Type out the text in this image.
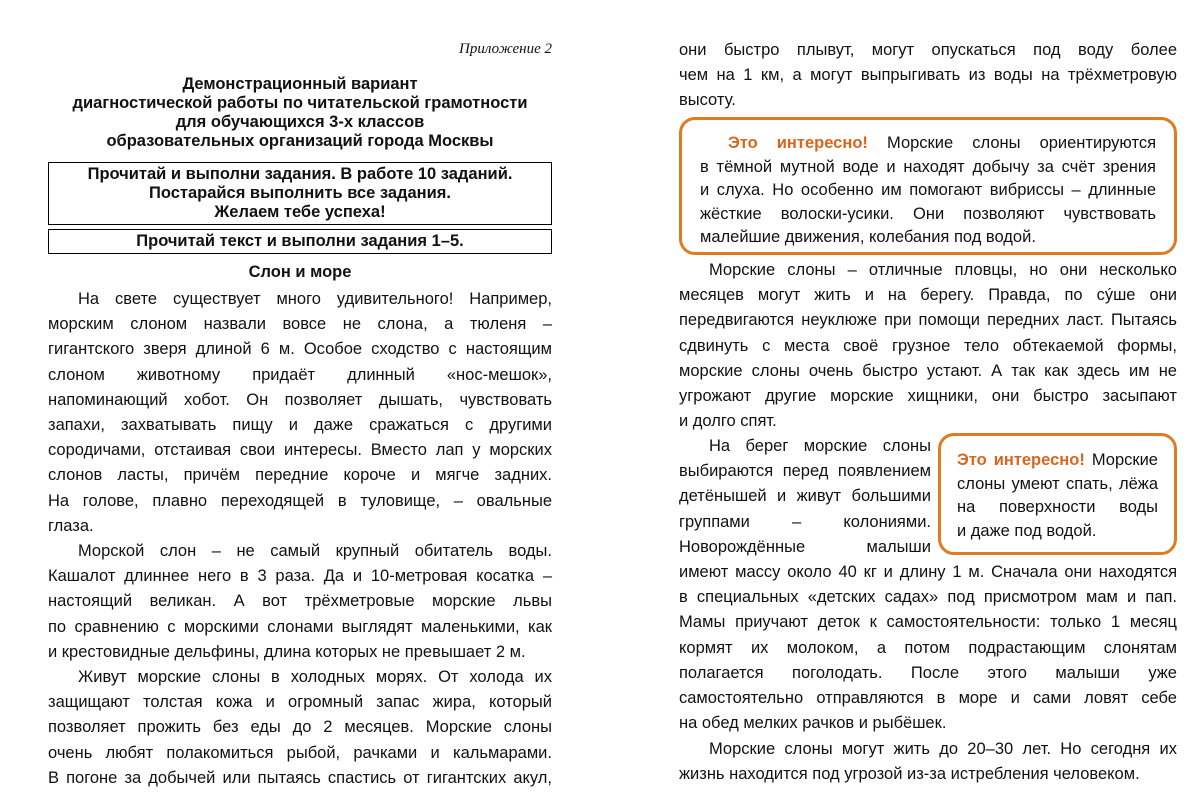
Приложение 2
Демонстрационный вариант
диагностической работы по читательской грамотности
для обучающихся 3-х классов
образовательных организаций города Москвы
Прочитай и выполни задания. В работе 10 заданий.
Постарайся выполнить все задания.
Желаем тебе успеха!
Прочитай текст и выполни задания 1–5.
Слон и море
На свете существует много удивительного! Например,
морским слоном назвали вовсе не слона, а тюленя –
гигантского зверя длиной 6 м. Особое сходство с настоящим
слоном животному придаёт длинный «нос-мешок»,
напоминающий хобот. Он позволяет дышать, чувствовать
запахи, захватывать пищу и даже сражаться с другими
сородичами, отстаивая свои интересы. Вместо лап у морских
слонов ласты, причём передние короче и мягче задних.
На голове, плавно переходящей в туловище, – овальные
глаза.
Морской слон – не самый крупный обитатель воды.
Кашалот длиннее него в 3 раза. Да и 10-метровая косатка –
настоящий великан. А вот трёхметровые морские львы
по сравнению с морскими слонами выглядят маленькими, как
и крестовидные дельфины, длина которых не превышает 2 м.
Живут морские слоны в холодных морях. От холода их
защищают толстая кожа и огромный запас жира, который
позволяет прожить без еды до 2 месяцев. Морские слоны
очень любят полакомиться рыбой, рачками и кальмарами.
В погоне за добычей или пытаясь спастись от гигантских акул,
они быстро плывут, могут опускаться под воду более
чем на 1 км, а могут выпрыгивать из воды на трёхметровую
высоту.
Это интересно! Морские слоны ориентируются
в тёмной мутной воде и находят добычу за счёт зрения
и слуха. Но особенно им помогают вибриссы – длинные
жёсткие волоски-усики. Они позволяют чувствовать
малейшие движения, колебания под водой.
Морские слоны – отличные пловцы, но они несколько
месяцев могут жить и на берегу. Правда, по сýше они
передвигаются неуклюже при помощи передних ласт. Пытаясь
сдвинуть с места своё грузное тело обтекаемой формы,
морские слоны очень быстро устают. А так как здесь им не
угрожают другие морские хищники, они быстро засыпают
и долго спят.
На берег морские слоны
выбираются перед появлением
детёнышей и живут большими
группами – колониями.
Новорождённые малыши
Это интересно! Морские
слоны умеют спать, лёжа
на поверхности воды
и даже под водой.
имеют массу около 40 кг и длину 1 м. Сначала они находятся
в специальных «детских садах» под присмотром мам и пап.
Мамы приучают деток к самостоятельности: только 1 месяц
кормят их молоком, а потом подрастающим слонятам
полагается поголодать. После этого малыши уже
самостоятельно отправляются в море и сами ловят себе
на обед мелких рачков и рыбёшек.
Морские слоны могут жить до 20–30 лет. Но сегодня их
жизнь находится под угрозой из-за истребления человеком.
